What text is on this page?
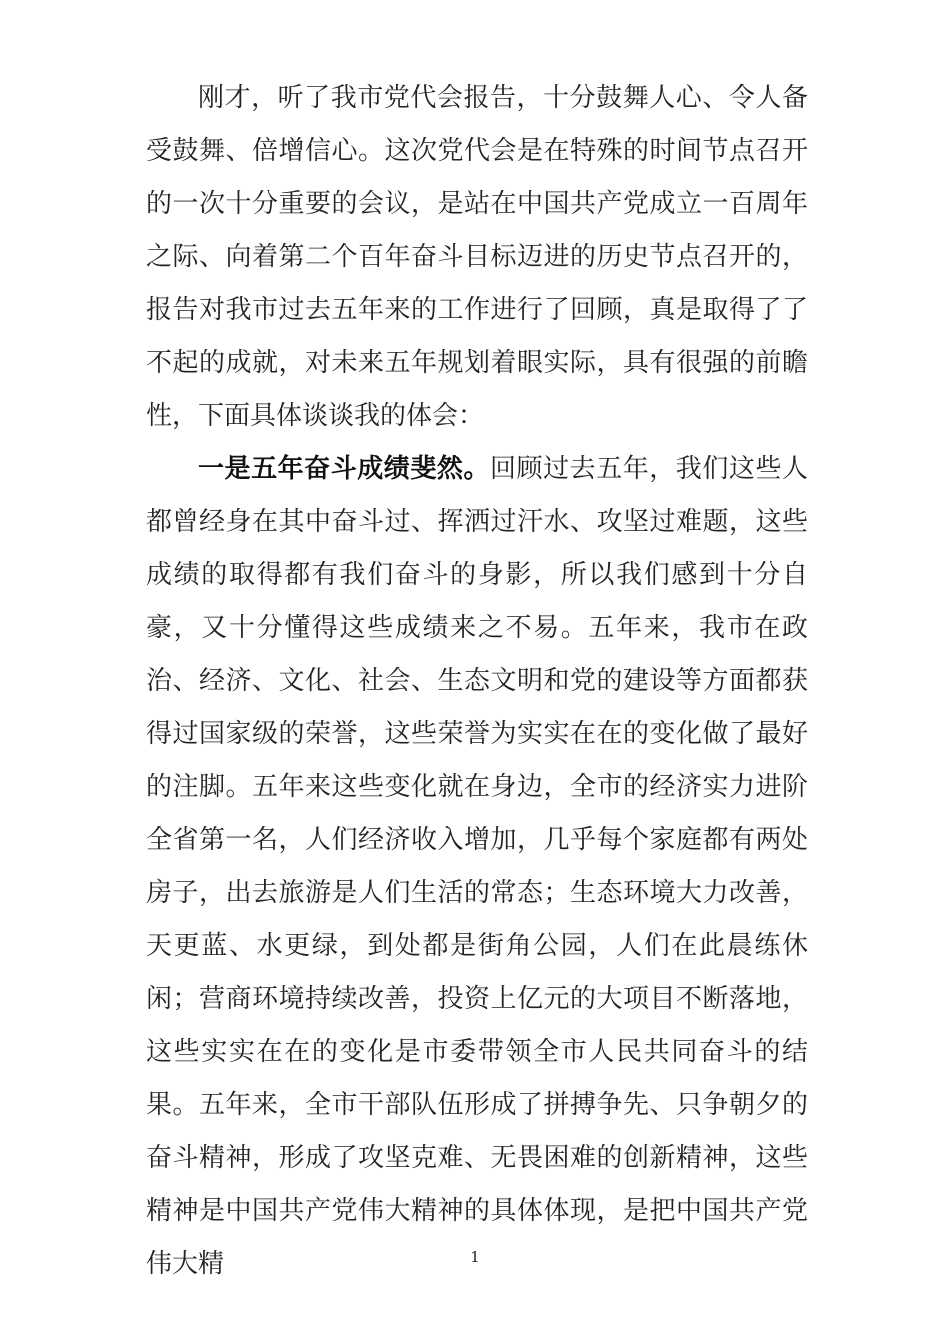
刚才，听了我市党代会报告，十分鼓舞人心、令人备受鼓舞、倍增信心。这次党代会是在特殊的时间节点召开的一次十分重要的会议，是站在中国共产党成立一百周年之际、向着第二个百年奋斗目标迈进的历史节点召开的，报告对我市过去五年来的工作进行了回顾，真是取得了了不起的成就，对未来五年规划着眼实际，具有很强的前瞻性，下面具体谈谈我的体会：

一是五年奋斗成绩斐然。回顾过去五年，我们这些人都曾经身在其中奋斗过、挥洒过汗水、攻坚过难题，这些成绩的取得都有我们奋斗的身影，所以我们感到十分自豪，又十分懂得这些成绩来之不易。五年来，我市在政治、经济、文化、社会、生态文明和党的建设等方面都获得过国家级的荣誉，这些荣誉为实实在在的变化做了最好的注脚。五年来这些变化就在身边，全市的经济实力进阶全省第一名，人们经济收入增加，几乎每个家庭都有两处房子，出去旅游是人们生活的常态；生态环境大力改善，天更蓝、水更绿，到处都是街角公园，人们在此晨练休闲；营商环境持续改善，投资上亿元的大项目不断落地，这些实实在在的变化是市委带领全市人民共同奋斗的结果。五年来，全市干部队伍形成了拼搏争先、只争朝夕的奋斗精神，形成了攻坚克难、无畏困难的创新精神，这些精神是中国共产党伟大精神的具体体现，是把中国共产党伟大精	1
